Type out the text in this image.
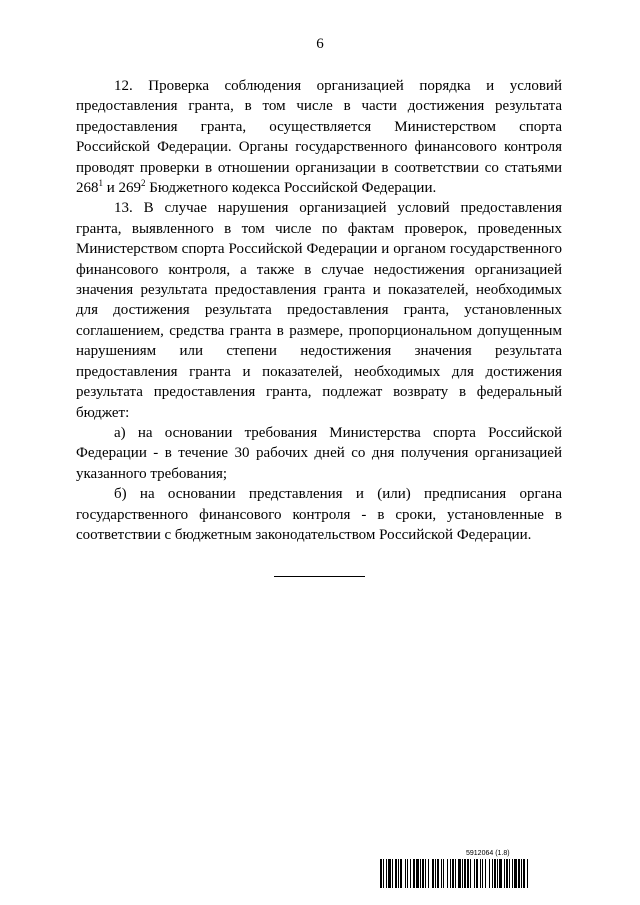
6

12. Проверка соблюдения организацией порядка и условий предоставления гранта, в том числе в части достижения результата предоставления гранта, осуществляется Министерством спорта Российской Федерации. Органы государственного финансового контроля проводят проверки в отношении организации в соответствии со статьями $268^1$ и $269^2$ Бюджетного кодекса Российской Федерации.

13. В случае нарушения организацией условий предоставления гранта, выявленного в том числе по фактам проверок, проведенных Министерством спорта Российской Федерации и органом государственного финансового контроля, а также в случае недостижения организацией значения результата предоставления гранта и показателей, необходимых для достижения результата предоставления гранта, установленных соглашением, средства гранта в размере, пропорциональном допущенным нарушениям или степени недостижения значения результата предоставления гранта и показателей, необходимых для достижения результата предоставления гранта, подлежат возврату в федеральный бюджет:

а) на основании требования Министерства спорта Российской Федерации - в течение 30 рабочих дней со дня получения организацией указанного требования;

б) на основании представления и (или) предписания органа государственного финансового контроля - в сроки, установленные в соответствии с бюджетным законодательством Российской Федерации.

5912064 (1.8)
